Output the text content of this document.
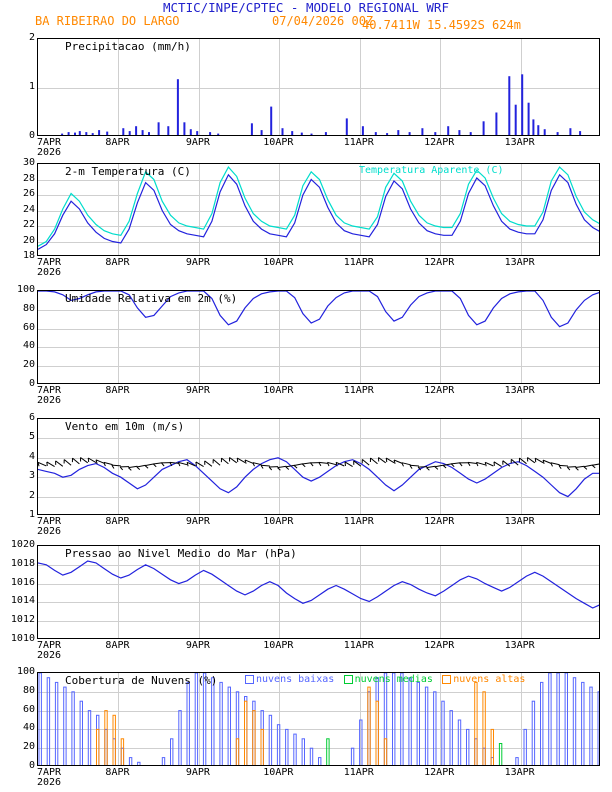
MCTIC/INPE/CPTEC - MODELO REGIONAL WRF
BA RIBEIRAO DO LARGO	07/04/2026 00Z
40.7411W 15.4592S 624m
Precipitacao (mm/h)
0
1
2
7APR	8APR	9APR	10APR	11APR	12APR	13APR
2026
2-m Temperatura (C)	Temperatura Aparente (C)
18
20
22
24
26
28
30
7APR	8APR	9APR	10APR	11APR	12APR	13APR
2026
Umidade Relativa em 2m (%)
0
20
40
60
80
100
7APR	8APR	9APR	10APR	11APR	12APR	13APR
2026
Vento em 10m (m/s)
1
2
3
4
5
6
7APR	8APR	9APR	10APR	11APR	12APR	13APR
2026
Pressao ao Nivel Medio do Mar (hPa)
1010
1012
1014
1016
1018
1020
7APR	8APR	9APR	10APR	11APR	12APR	13APR
2026
Cobertura de Nuvens (%)	nuvens baixas	nuvens medias	nuvens altas
0
20
40
60
80
100
7APR	8APR	9APR	10APR	11APR	12APR	13APR
2026
